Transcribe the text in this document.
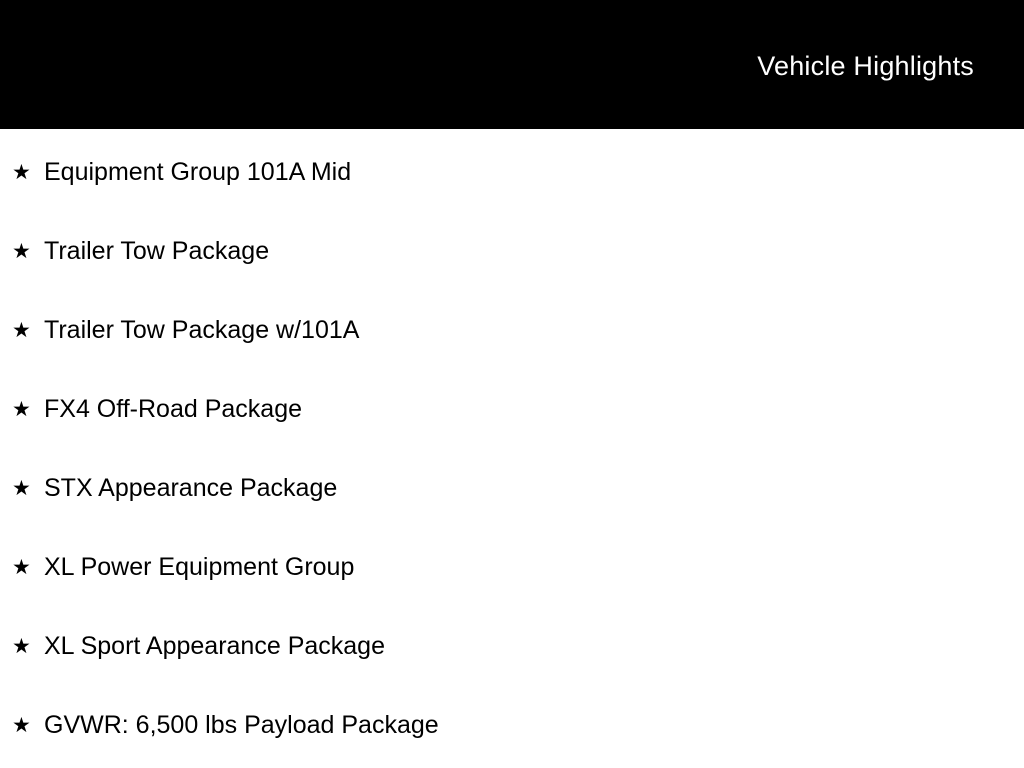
Vehicle Highlights
★ Equipment Group 101A Mid
★ Trailer Tow Package
★ Trailer Tow Package w/101A
★ FX4 Off-Road Package
★ STX Appearance Package
★ XL Power Equipment Group
★ XL Sport Appearance Package
★ GVWR: 6,500 lbs Payload Package
